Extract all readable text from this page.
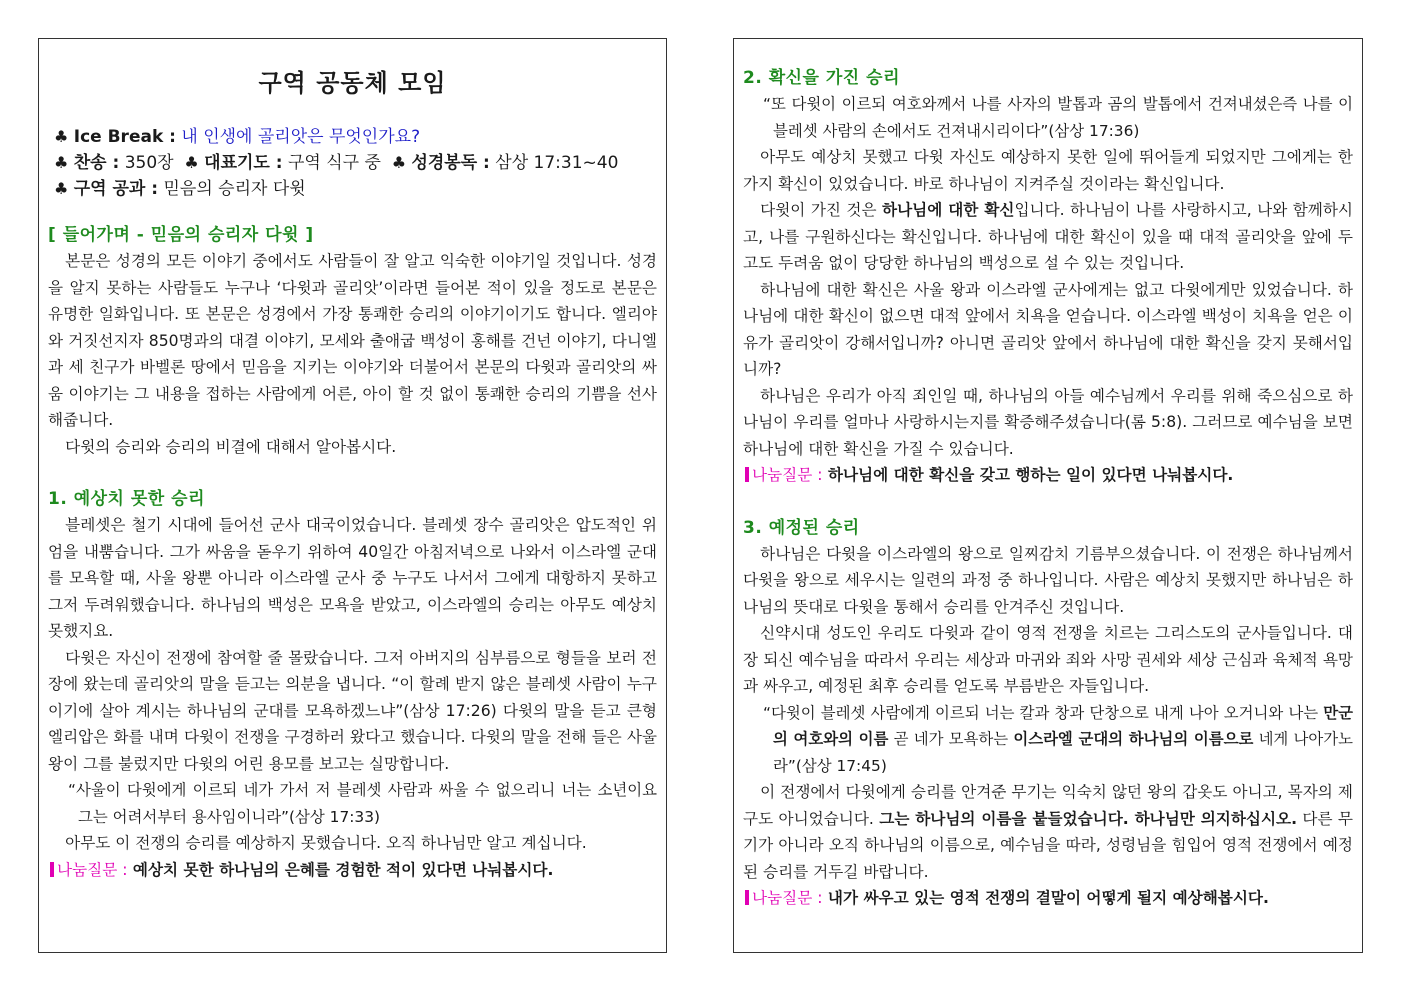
구역 공동체 모임
♣ Ice Break : 내 인생에 골리앗은 무엇인가요?
♣ 찬송 : 350장 ♣ 대표기도 : 구역 식구 중 ♣ 성경봉독 : 삼상 17:31~40
♣ 구역 공과 : 믿음의 승리자 다윗
[ 들어가며 - 믿음의 승리자 다윗 ]

본문은 성경의 모든 이야기 중에서도 사람들이 잘 알고 익숙한 이야기일 것입니다. 성경을 알지 못하는 사람들도 누구나 ‘다윗과 골리앗’이라면 들어본 적이 있을 정도로 본문은 유명한 일화입니다. 또 본문은 성경에서 가장 통쾌한 승리의 이야기이기도 합니다. 엘리야와 거짓선지자 850명과의 대결 이야기, 모세와 출애굽 백성이 홍해를 건넌 이야기, 다니엘과 세 친구가 바벨론 땅에서 믿음을 지키는 이야기와 더불어서 본문의 다윗과 골리앗의 싸움 이야기는 그 내용을 접하는 사람에게 어른, 아이 할 것 없이 통쾌한 승리의 기쁨을 선사해줍니다.

다윗의 승리와 승리의 비결에 대해서 알아봅시다.

1. 예상치 못한 승리

블레셋은 철기 시대에 들어선 군사 대국이었습니다. 블레셋 장수 골리앗은 압도적인 위엄을 내뿜습니다. 그가 싸움을 돋우기 위하여 40일간 아침저녁으로 나와서 이스라엘 군대를 모욕할 때, 사울 왕뿐 아니라 이스라엘 군사 중 누구도 나서서 그에게 대항하지 못하고 그저 두려워했습니다. 하나님의 백성은 모욕을 받았고, 이스라엘의 승리는 아무도 예상치 못했지요.

다윗은 자신이 전쟁에 참여할 줄 몰랐습니다. 그저 아버지의 심부름으로 형들을 보러 전장에 왔는데 골리앗의 말을 듣고는 의분을 냅니다. “이 할례 받지 않은 블레셋 사람이 누구이기에 살아 계시는 하나님의 군대를 모욕하겠느냐”(삼상 17:26) 다윗의 말을 듣고 큰형 엘리압은 화를 내며 다윗이 전쟁을 구경하러 왔다고 했습니다. 다윗의 말을 전해 들은 사울 왕이 그를 불렀지만 다윗의 어린 용모를 보고는 실망합니다.

“사울이 다윗에게 이르되 네가 가서 저 블레셋 사람과 싸울 수 없으리니 너는 소년이요 그는 어려서부터 용사임이니라”(삼상 17:33)

아무도 이 전쟁의 승리를 예상하지 못했습니다. 오직 하나님만 알고 계십니다.

나눔질문 : 예상치 못한 하나님의 은혜를 경험한 적이 있다면 나눠봅시다.
2. 확신을 가진 승리
“또 다윗이 이르되 여호와께서 나를 사자의 발톱과 곰의 발톱에서 건져내셨은즉 나를 이 블레셋 사람의 손에서도 건져내시리이다”(삼상 17:36)

아무도 예상치 못했고 다윗 자신도 예상하지 못한 일에 뛰어들게 되었지만 그에게는 한 가지 확신이 있었습니다. 바로 하나님이 지켜주실 것이라는 확신입니다.

다윗이 가진 것은 하나님에 대한 확신입니다. 하나님이 나를 사랑하시고, 나와 함께하시고, 나를 구원하신다는 확신입니다. 하나님에 대한 확신이 있을 때 대적 골리앗을 앞에 두고도 두려움 없이 당당한 하나님의 백성으로 설 수 있는 것입니다.

하나님에 대한 확신은 사울 왕과 이스라엘 군사에게는 없고 다윗에게만 있었습니다. 하나님에 대한 확신이 없으면 대적 앞에서 치욕을 얻습니다. 이스라엘 백성이 치욕을 얻은 이유가 골리앗이 강해서입니까? 아니면 골리앗 앞에서 하나님에 대한 확신을 갖지 못해서입니까?

하나님은 우리가 아직 죄인일 때, 하나님의 아들 예수님께서 우리를 위해 죽으심으로 하나님이 우리를 얼마나 사랑하시는지를 확증해주셨습니다(롬 5:8). 그러므로 예수님을 보면 하나님에 대한 확신을 가질 수 있습니다.

나눔질문 : 하나님에 대한 확신을 갖고 행하는 일이 있다면 나눠봅시다.
3. 예정된 승리

하나님은 다윗을 이스라엘의 왕으로 일찌감치 기름부으셨습니다. 이 전쟁은 하나님께서 다윗을 왕으로 세우시는 일련의 과정 중 하나입니다. 사람은 예상치 못했지만 하나님은 하나님의 뜻대로 다윗을 통해서 승리를 안겨주신 것입니다.

신약시대 성도인 우리도 다윗과 같이 영적 전쟁을 치르는 그리스도의 군사들입니다. 대장 되신 예수님을 따라서 우리는 세상과 마귀와 죄와 사망 권세와 세상 근심과 육체적 욕망과 싸우고, 예정된 최후 승리를 얻도록 부름받은 자들입니다.

“다윗이 블레셋 사람에게 이르되 너는 칼과 창과 단창으로 내게 나아 오거니와 나는 만군의 여호와의 이름 곧 네가 모욕하는 이스라엘 군대의 하나님의 이름으로 네게 나아가노라”(삼상 17:45)

이 전쟁에서 다윗에게 승리를 안겨준 무기는 익숙치 않던 왕의 갑옷도 아니고, 목자의 제구도 아니었습니다. 그는 하나님의 이름을 붙들었습니다. 하나님만 의지하십시오. 다른 무기가 아니라 오직 하나님의 이름으로, 예수님을 따라, 성령님을 힘입어 영적 전쟁에서 예정된 승리를 거두길 바랍니다.

나눔질문 : 내가 싸우고 있는 영적 전쟁의 결말이 어떻게 될지 예상해봅시다.
